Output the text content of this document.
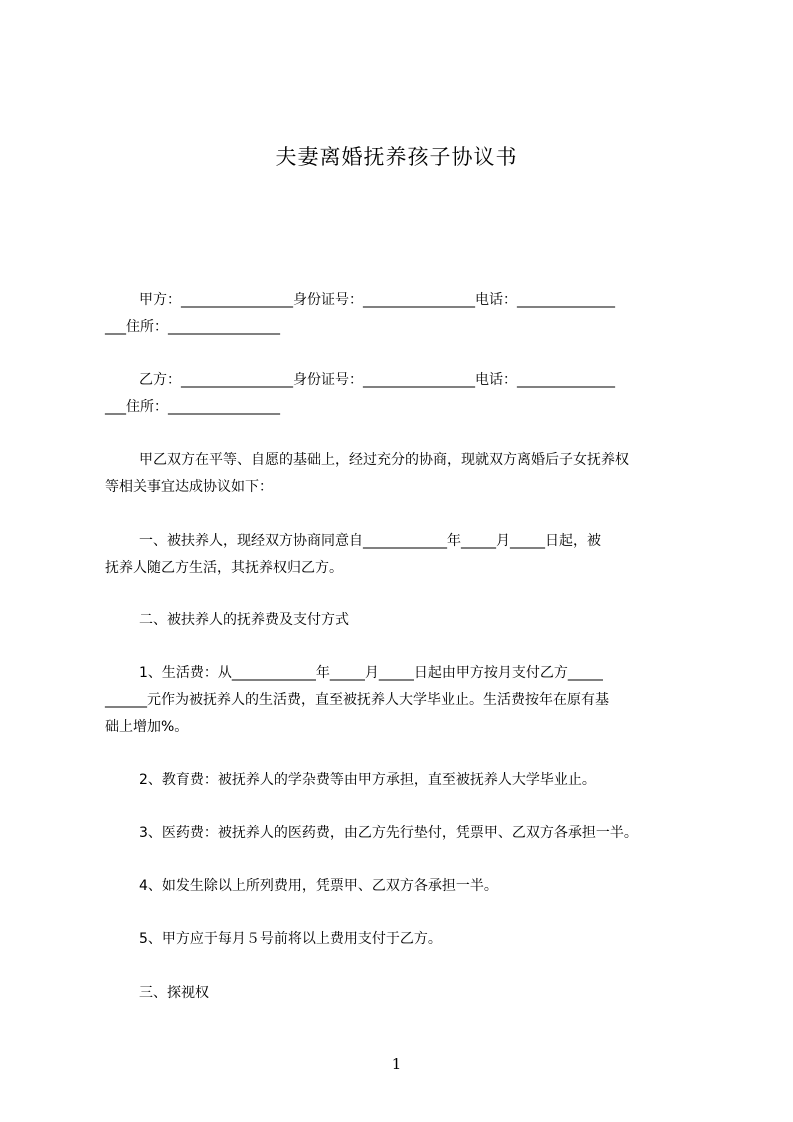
夫妻离婚抚养孩子协议书
甲方：________________身份证号：________________电话：______________
___住所：________________
乙方：________________身份证号：________________电话：______________
___住所：________________
甲乙双方在平等、自愿的基础上，经过充分的协商，现就双方离婚后子女抚养权
等相关事宜达成协议如下：
一、被扶养人，现经双方协商同意自____________年_____月_____日起，被
抚养人随乙方生活，其抚养权归乙方。
二、被扶养人的抚养费及支付方式
1、生活费：从____________年_____月_____日起由甲方按月支付乙方_____
______元作为被抚养人的生活费，直至被抚养人大学毕业止。生活费按年在原有基
础上增加%。
2、教育费：被抚养人的学杂费等由甲方承担，直至被抚养人大学毕业止。
3、医药费：被抚养人的医药费，由乙方先行垫付，凭票甲、乙双方各承担一半。
4、如发生除以上所列费用，凭票甲、乙双方各承担一半。
5、甲方应于每月５号前将以上费用支付于乙方。
三、探视权
1
